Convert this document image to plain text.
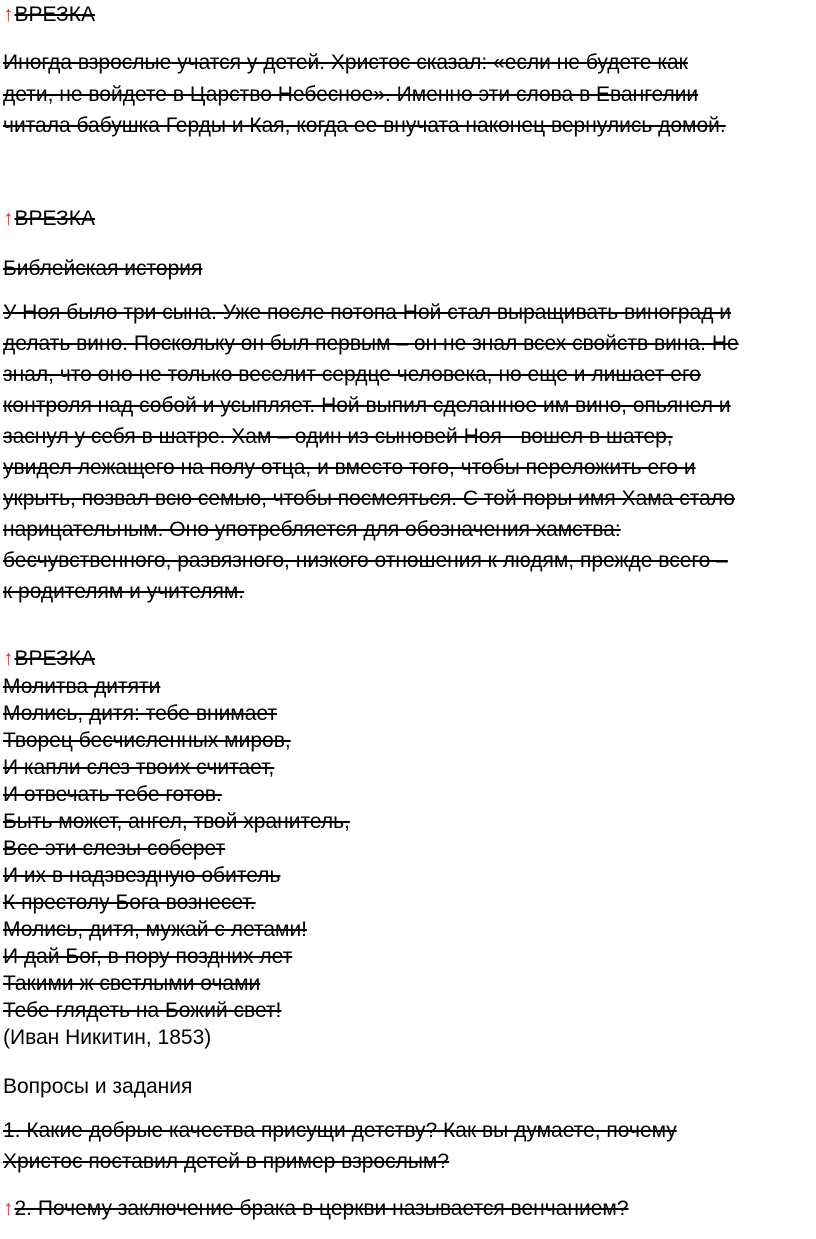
↑ВРЕЗКА
Иногда взрослые учатся у детей. Христос сказал: «если не будете как
дети, не войдете в Царство Небесное». Именно эти слова в Евангелии
читала бабушка Герды и Кая, когда ее внучата наконец вернулись домой.
↑ВРЕЗКА
Библейская история
У Ноя было три сына. Уже после потопа Ной стал выращивать виноград и
делать вино. Поскольку он был первым – он не знал всех свойств вина. Не
знал, что оно не только веселит сердце человека, но еще и лишает его
контроля над собой и усыпляет. Ной выпил сделанное им вино, опьянел и
заснул у себя в шатре. Хам – один из сыновей Ноя - вошел в шатер,
увидел лежащего на полу отца, и вместо того, чтобы переложить его и
укрыть, позвал всю семью, чтобы посмеяться. С той поры имя Хама стало
нарицательным. Оно употребляется для обозначения хамства:
бесчувственного, развязного, низкого отношения к людям, прежде всего –
к родителям и учителям.
↑ВРЕЗКА
Молитва дитяти
Молись, дитя: тебе внимает
Творец бесчисленных миров,
И капли слез твоих считает,
И отвечать тебе готов.
Быть может, ангел, твой хранитель,
Все эти слезы соберет
И их в надзвездную обитель
К престолу Бога вознесет.
Молись, дитя, мужай с летами!
И дай Бог, в пору поздних лет
Такими ж светлыми очами
Тебе глядеть на Божий свет!
(Иван Никитин, 1853)
Вопросы и задания
1. Какие добрые качества присущи детству? Как вы думаете, почему
Христос поставил детей в пример взрослым?
↑2. Почему заключение брака в церкви называется венчанием?
